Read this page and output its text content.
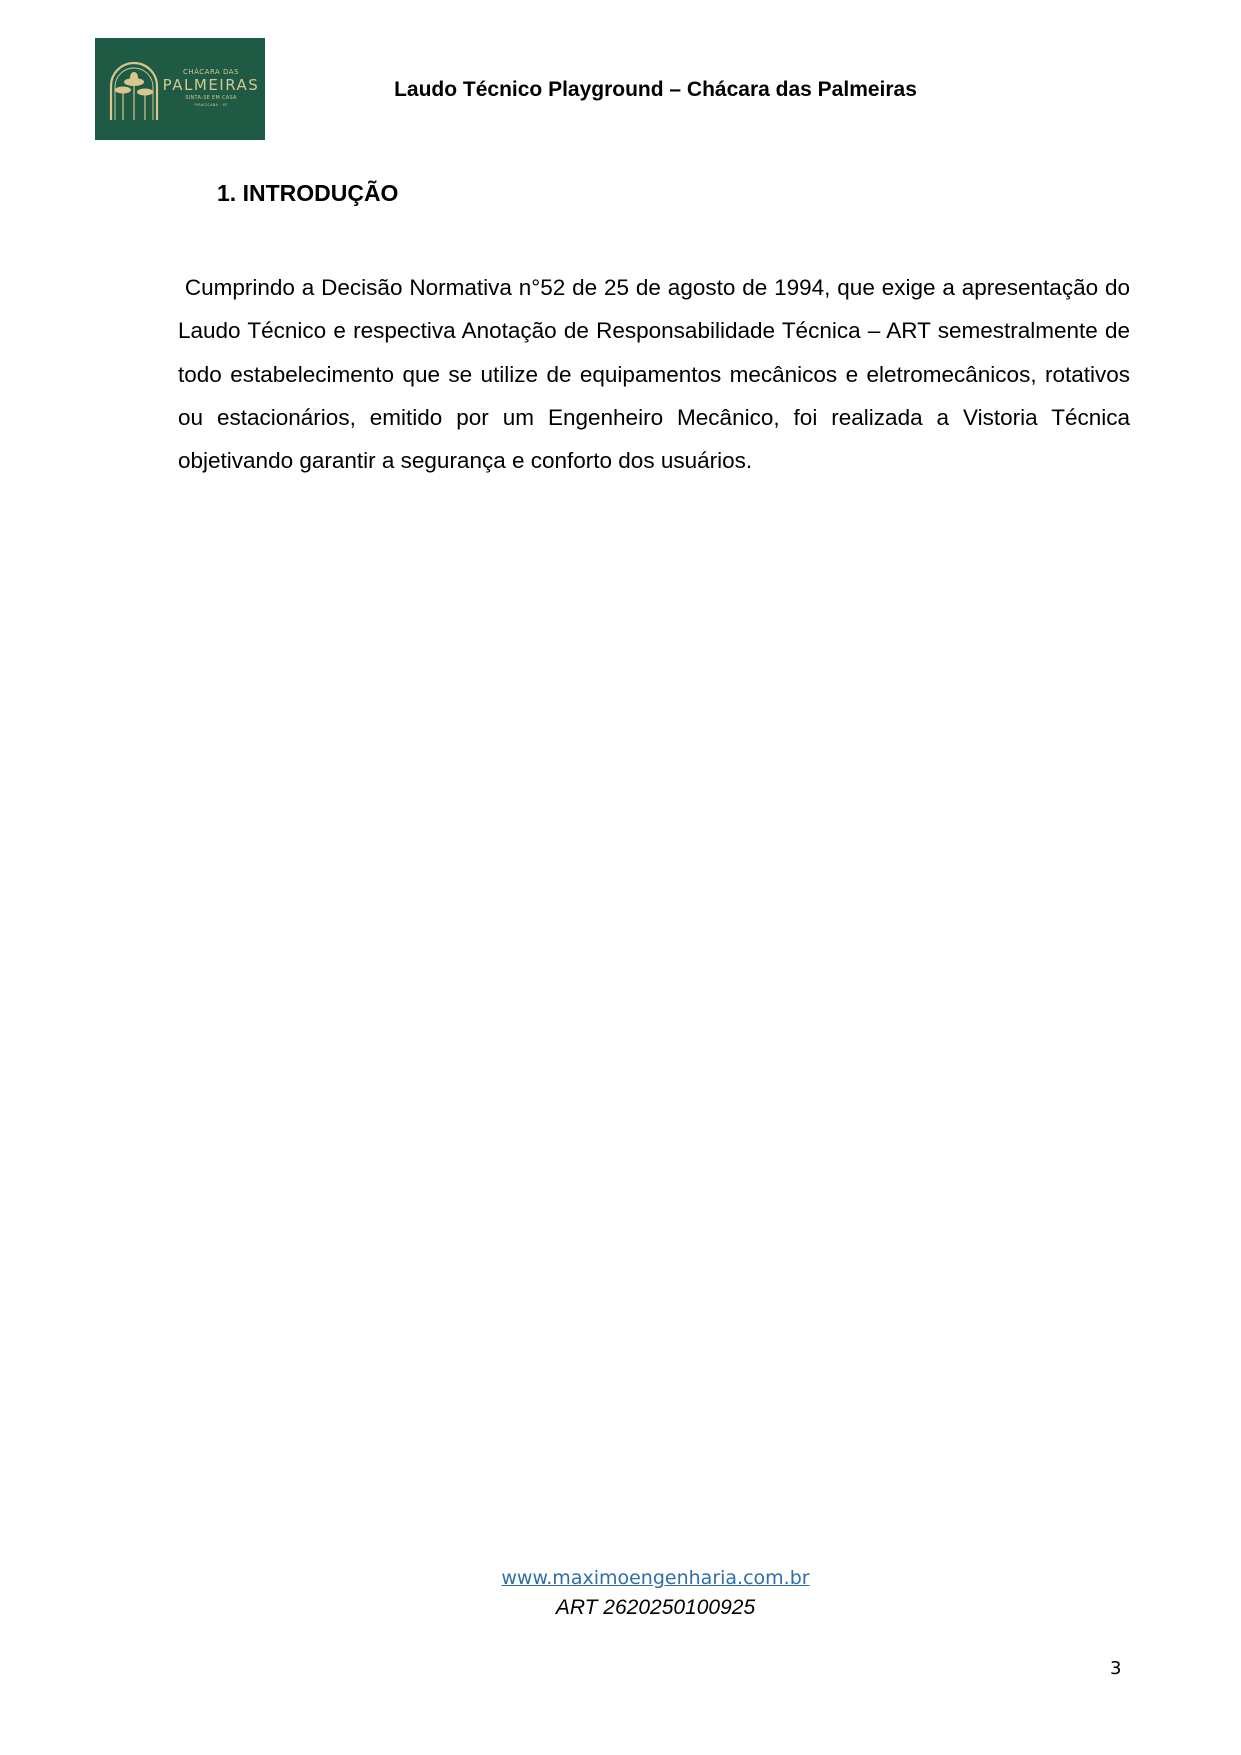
CHÁCARA DAS
PALMEIRAS
SINTA-SE EM CASA
PIRACICABA · SP
Laudo Técnico Playground – Chácara das Palmeiras
1. INTRODUÇÃO

Cumprindo a Decisão Normativa n°52 de 25 de agosto de 1994, que exige a apresentação do Laudo Técnico e respectiva Anotação de Responsabilidade Técnica – ART semestralmente de todo estabelecimento que se utilize de equipamentos mecânicos e eletromecânicos, rotativos ou estacionários, emitido por um Engenheiro Mecânico, foi realizada a Vistoria Técnica objetivando garantir a segurança e conforto dos usuários.

www.maximoengenharia.com.br
ART 2620250100925
3
